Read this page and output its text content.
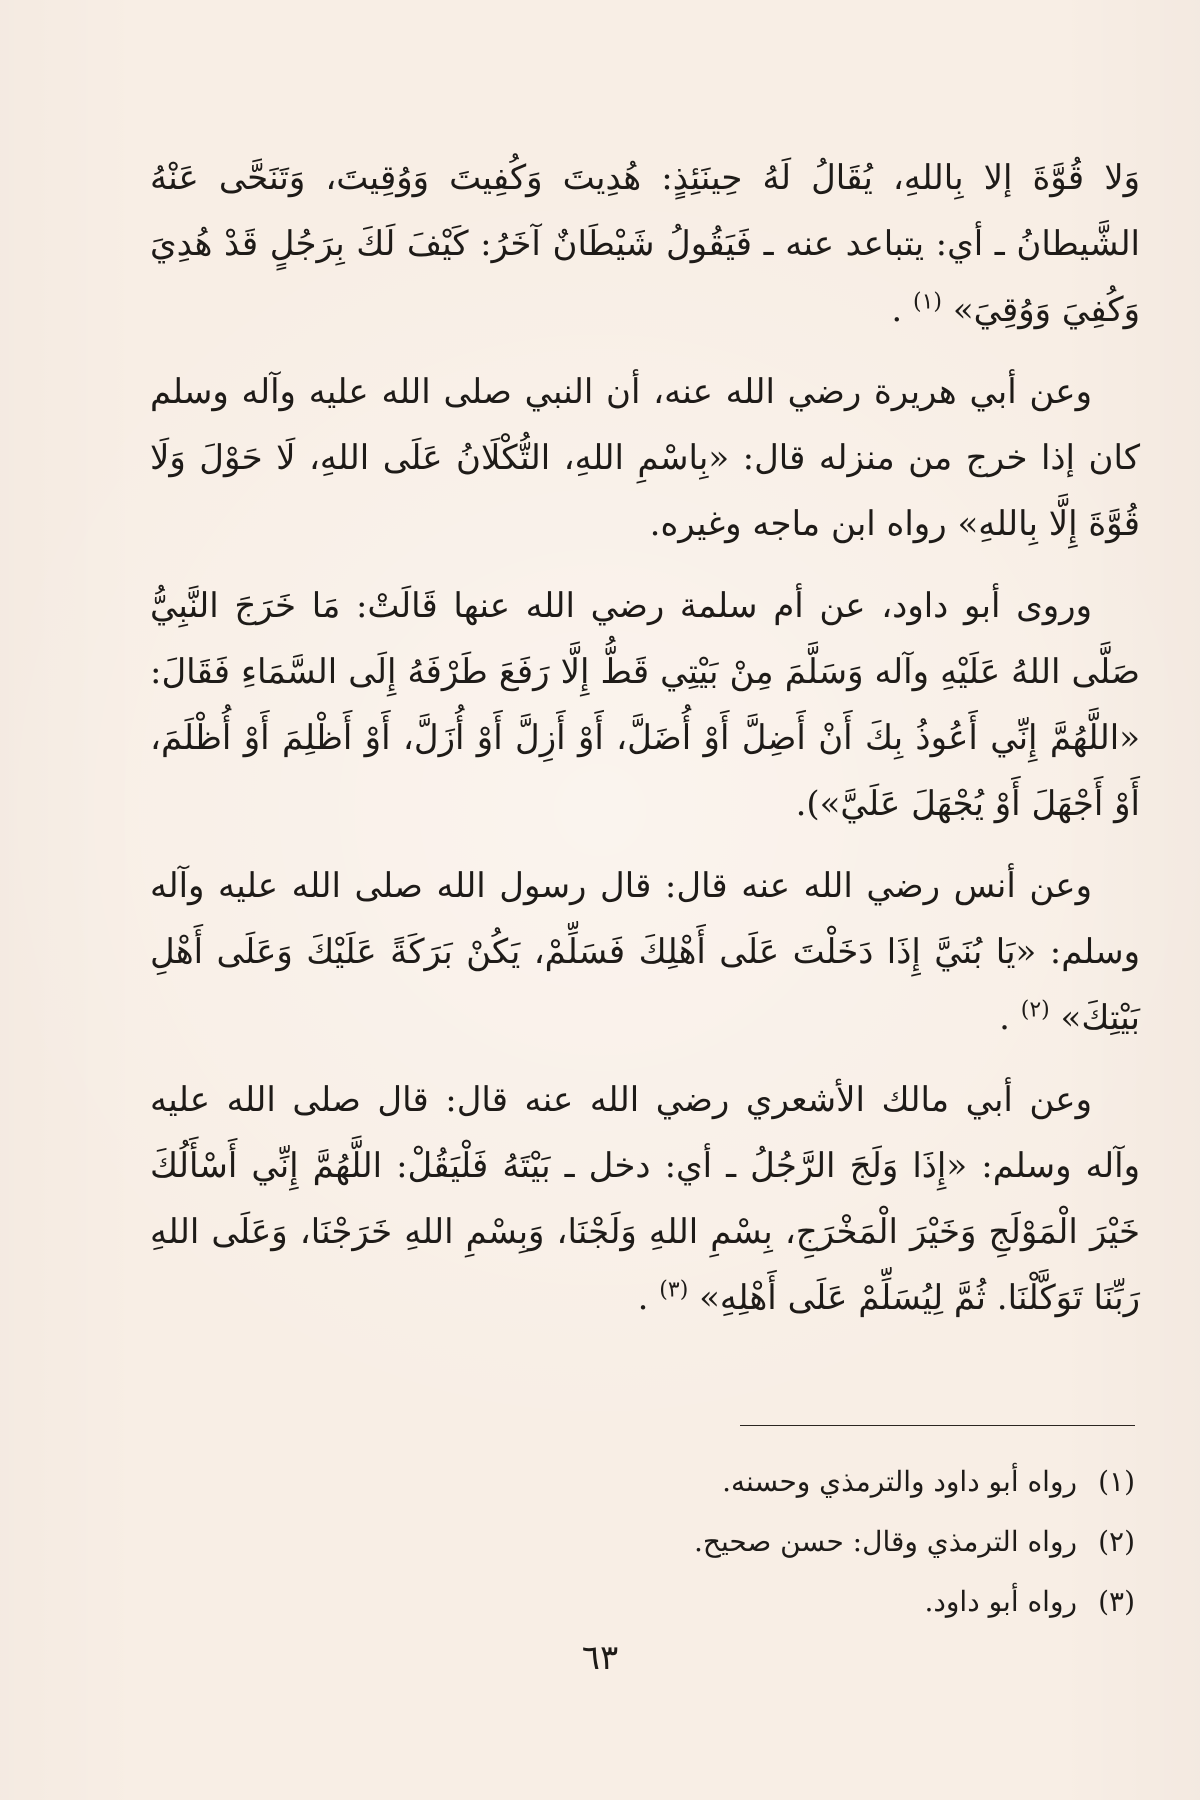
وَلا قُوَّةَ إلا بِاللهِ، يُقَالُ لَهُ حِينَئِذٍ: هُدِيتَ وَكُفِيتَ وَوُقِيتَ، وَتَنَحَّى عَنْهُ الشَّيطانُ ـ أي: يتباعد عنه ـ فَيَقُولُ شَيْطَانٌ آخَرُ: كَيْفَ لَكَ بِرَجُلٍ قَدْ هُدِيَ وَكُفِيَ وَوُقِيَ» $^{(١)}$ .

وعن أبي هريرة رضي الله عنه، أن النبي صلى الله عليه وآله وسلم كان إذا خرج من منزله قال: «بِاسْمِ اللهِ، التُّكْلَانُ عَلَى اللهِ، لَا حَوْلَ وَلَا قُوَّةَ إِلَّا بِاللهِ» رواه ابن ماجه وغيره.

وروى أبو داود، عن أم سلمة رضي الله عنها قَالَتْ: مَا خَرَجَ النَّبِيُّ صَلَّى اللهُ عَلَيْهِ وآله وَسَلَّمَ مِنْ بَيْتِي قَطُّ إِلَّا رَفَعَ طَرْفَهُ إِلَى السَّمَاءِ فَقَالَ: «اللَّهُمَّ إِنِّي أَعُوذُ بِكَ أَنْ أَضِلَّ أَوْ أُضَلَّ، أَوْ أَزِلَّ أَوْ أُزَلَّ، أَوْ أَظْلِمَ أَوْ أُظْلَمَ، أَوْ أَجْهَلَ أَوْ يُجْهَلَ عَلَيَّ»).

وعن أنس رضي الله عنه قال: قال رسول الله صلى الله عليه وآله وسلم: «يَا بُنَيَّ إِذَا دَخَلْتَ عَلَى أَهْلِكَ فَسَلِّمْ، يَكُنْ بَرَكَةً عَلَيْكَ وَعَلَى أَهْلِ بَيْتِكَ» $^{(٢)}$ .

وعن أبي مالك الأشعري رضي الله عنه قال: قال صلى الله عليه وآله وسلم: «إِذَا وَلَجَ الرَّجُلُ ـ أي: دخل ـ بَيْتَهُ فَلْيَقُلْ: اللَّهُمَّ إِنِّي أَسْأَلُكَ خَيْرَ الْمَوْلَجِ وَخَيْرَ الْمَخْرَجِ، بِسْمِ اللهِ وَلَجْنَا، وَبِسْمِ اللهِ خَرَجْنَا، وَعَلَى اللهِ رَبِّنَا تَوَكَّلْنَا. ثُمَّ لِيُسَلِّمْ عَلَى أَهْلِهِ» $^{(٣)}$ .

(١)
رواه أبو داود والترمذي وحسنه.
(٢)
رواه الترمذي وقال: حسن صحيح.
(٣)
رواه أبو داود.
٦٣
